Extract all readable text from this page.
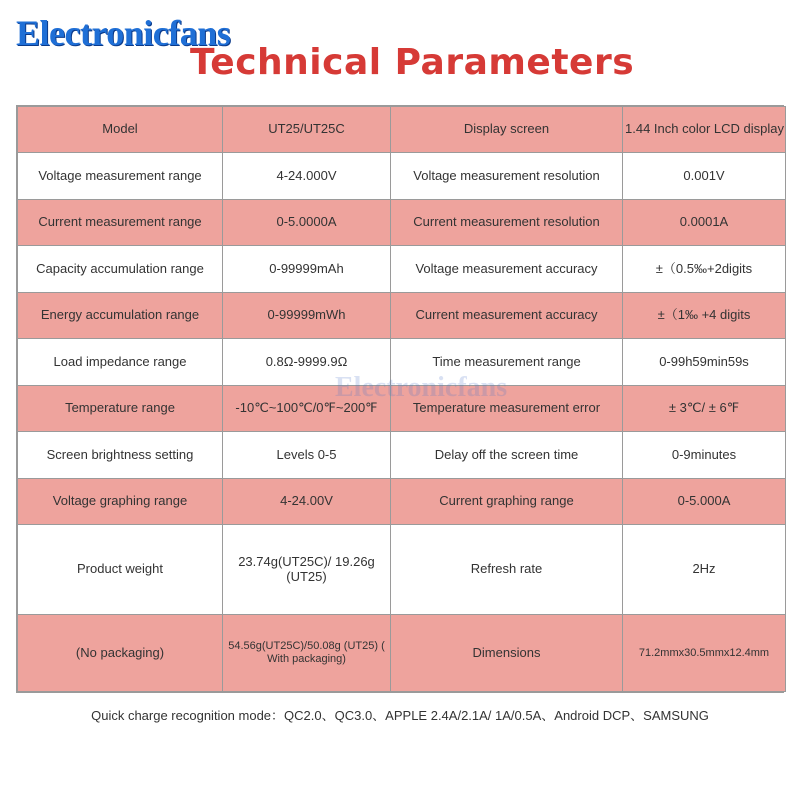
Electronicfans
Technical Parameters
Model	UT25/UT25C	Display screen	1.44 Inch color LCD display
Voltage measurement range	4-24.000V	Voltage measurement resolution	0.001V
Current measurement range	0-5.0000A	Current measurement resolution	0.0001A
Capacity accumulation range	0-99999mAh	Voltage measurement accuracy	±（0.5‰+2digits
Energy accumulation range	0-99999mWh	Current measurement accuracy	±（1‰ +4 digits
Load impedance range	0.8Ω-9999.9Ω	Time measurement range	0-99h59min59s
Temperature range	-10℃~100℃/0℉~200℉	Temperature measurement error	± 3℃/ ± 6℉
Screen brightness setting	Levels 0-5	Delay off the screen time	0-9minutes
Voltage graphing range	4-24.00V	Current graphing range	0-5.000A
Product weight	23.74g(UT25C)/ 19.26g (UT25)	Refresh rate	2Hz
(No packaging)	54.56g(UT25C)/50.08g (UT25) ( With packaging)	Dimensions	71.2mmx30.5mmx12.4mm
Electronicfans
Quick charge recognition mode：QC2.0、QC3.0、APPLE 2.4A/2.1A/ 1A/0.5A、Android DCP、SAMSUNG
